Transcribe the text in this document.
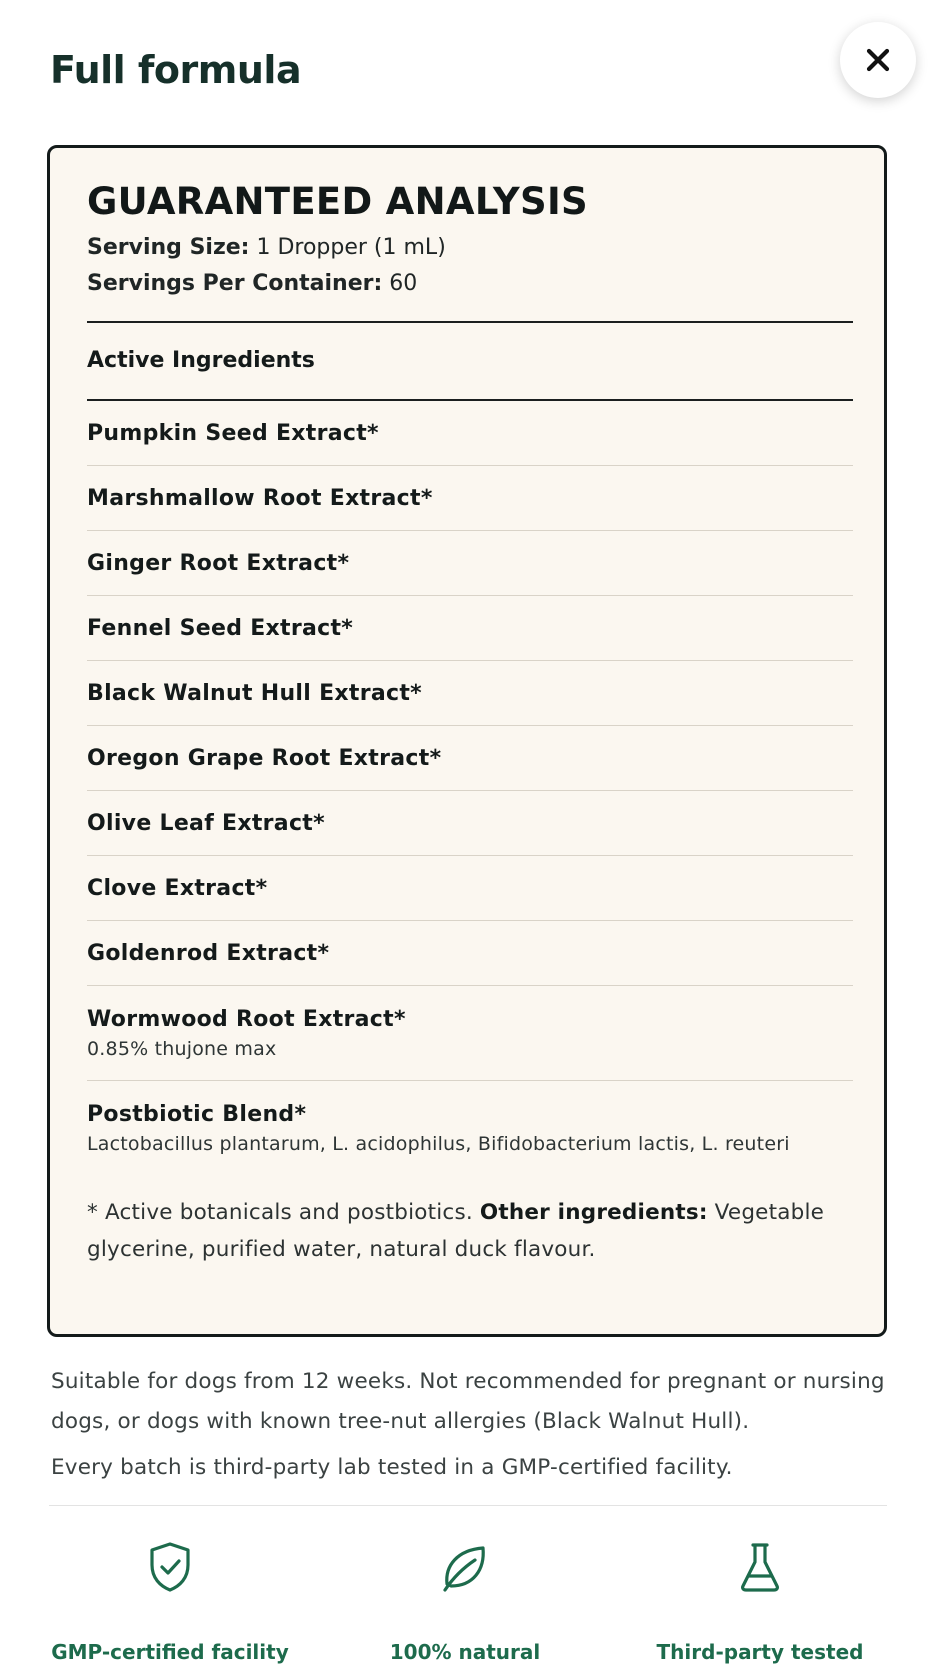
Full formula
GUARANTEED ANALYSIS
Serving Size: 1 Dropper (1 mL)
Servings Per Container: 60
Active Ingredients
Pumpkin Seed Extract*
Marshmallow Root Extract*
Ginger Root Extract*
Fennel Seed Extract*
Black Walnut Hull Extract*
Oregon Grape Root Extract*
Olive Leaf Extract*
Clove Extract*
Goldenrod Extract*
Wormwood Root Extract*
0.85% thujone max
Postbiotic Blend*
Lactobacillus plantarum, L. acidophilus, Bifidobacterium lactis, L. reuteri
* Active botanicals and postbiotics. Other ingredients: Vegetable glycerine, purified water, natural duck flavour.
Suitable for dogs from 12 weeks. Not recommended for pregnant or nursing dogs, or dogs with known tree-nut allergies (Black Walnut Hull).
Every batch is third-party lab tested in a GMP-certified facility.
GMP-certified facility	100% natural	Third-party tested
